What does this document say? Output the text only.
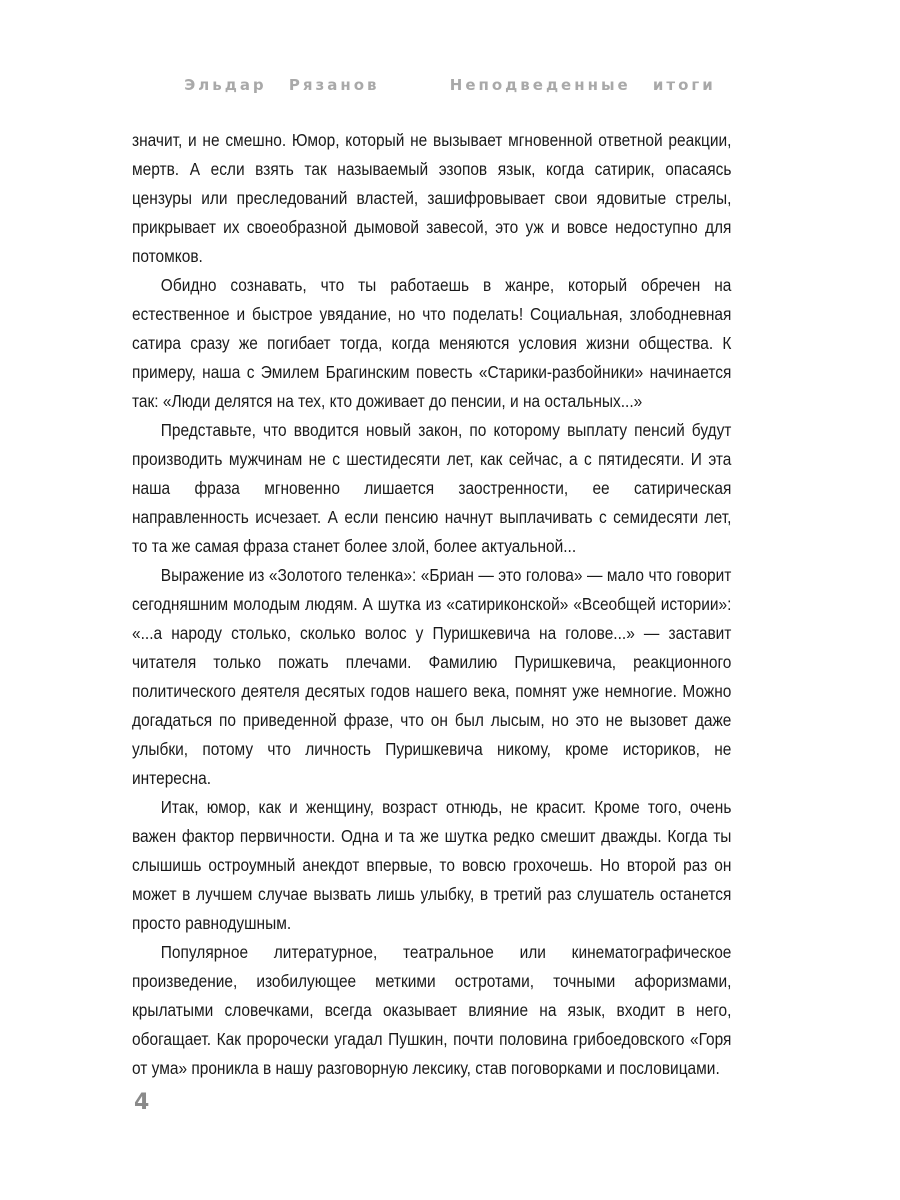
Эльдар Рязанов	Неподведенные итоги

значит, и не смешно. Юмор, который не вызывает мгновенной ответной реакции, мертв. А если взять так называемый эзопов язык, когда сатирик, опасаясь цензуры или преследований властей, зашифровывает свои ядовитые стрелы, прикрывает их своеобразной дымовой завесой, это уж и вовсе недоступно для потомков.

Обидно сознавать, что ты работаешь в жанре, который обречен на естественное и быстрое увядание, но что поделать! Социальная, злободневная сатира сразу же погибает тогда, когда меняются условия жизни общества. К примеру, наша с Эмилем Брагинским повесть «Старики-разбойники» начинается так: «Люди делятся на тех, кто доживает до пенсии, и на остальных...»

Представьте, что вводится новый закон, по которому выплату пенсий будут производить мужчинам не с шестидесяти лет, как сейчас, а с пятидесяти. И эта наша фраза мгновенно лишается заостренности, ее сатирическая направленность исчезает. А если пенсию начнут выплачивать с семидесяти лет, то та же самая фраза станет более злой, более актуальной...

Выражение из «Золотого теленка»: «Бриан — это голова» — мало что говорит сегодняшним молодым людям. А шутка из «сатириконской» «Всеобщей истории»: «...а народу столько, сколько волос у Пуришкевича на голове...» — заставит читателя только пожать плечами. Фамилию Пуришкевича, реакционного политического деятеля десятых годов нашего века, помнят уже немногие. Можно догадаться по приведенной фразе, что он был лысым, но это не вызовет даже улыбки, потому что личность Пуришкевича никому, кроме историков, не интересна.

Итак, юмор, как и женщину, возраст отнюдь, не красит. Кроме того, очень важен фактор первичности. Одна и та же шутка редко смешит дважды. Когда ты слышишь остроумный анекдот впервые, то вовсю грохочешь. Но второй раз он может в лучшем случае вызвать лишь улыбку, в третий раз слушатель останется просто равнодушным.

Популярное литературное, театральное или кинематографическое произведение, изобилующее меткими остротами, точными афоризмами, крылатыми словечками, всегда оказывает влияние на язык, входит в него, обогащает. Как пророчески угадал Пушкин, почти половина грибоедовского «Горя от ума» проникла в нашу разговорную лексику, став поговорками и пословицами.

4
